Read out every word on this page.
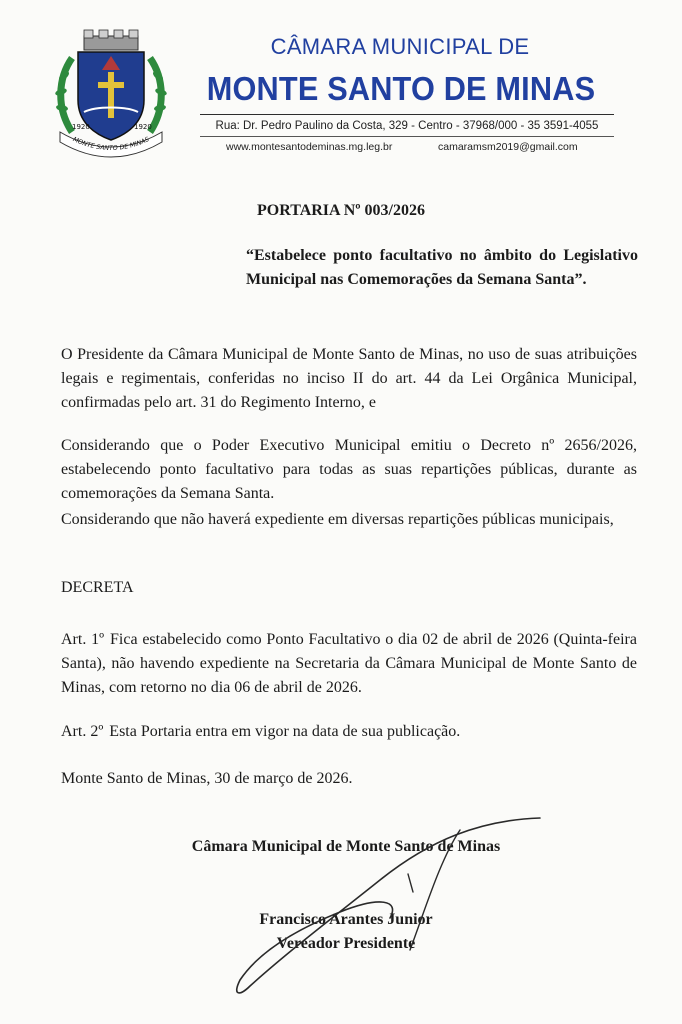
MONTE SANTO DE MINAS
1920	1920
CÂMARA MUNICIPAL DE
MONTE SANTO DE MINAS
Rua: Dr. Pedro Paulino da Costa, 329 - Centro - 37968/000 - 35 3591-4055
www.montesantodeminas.mg.leg.br	camaramsm2019@gmail.com
PORTARIA Nº 003/2026
“Estabelece ponto facultativo no âmbito do Legislativo Municipal nas Comemorações da Semana Santa”.
O Presidente da Câmara Municipal de Monte Santo de Minas, no uso de suas atribuições legais e regimentais, conferidas no inciso II do art. 44 da Lei Orgânica Municipal, confirmadas pelo art. 31 do Regimento Interno, e
Considerando que o Poder Executivo Municipal emitiu o Decreto nº 2656/2026, estabelecendo ponto facultativo para todas as suas repartições públicas, durante as comemorações da Semana Santa.
Considerando que não haverá expediente em diversas repartições públicas municipais,
DECRETA
Art. 1º Fica estabelecido como Ponto Facultativo o dia 02 de abril de 2026 (Quinta-feira Santa), não havendo expediente na Secretaria da Câmara Municipal de Monte Santo de Minas, com retorno no dia 06 de abril de 2026.
Art. 2º Esta Portaria entra em vigor na data de sua publicação.
Monte Santo de Minas, 30 de março de 2026.
Câmara Municipal de Monte Santo de Minas
Francisco Arantes Junior
Vereador Presidente
